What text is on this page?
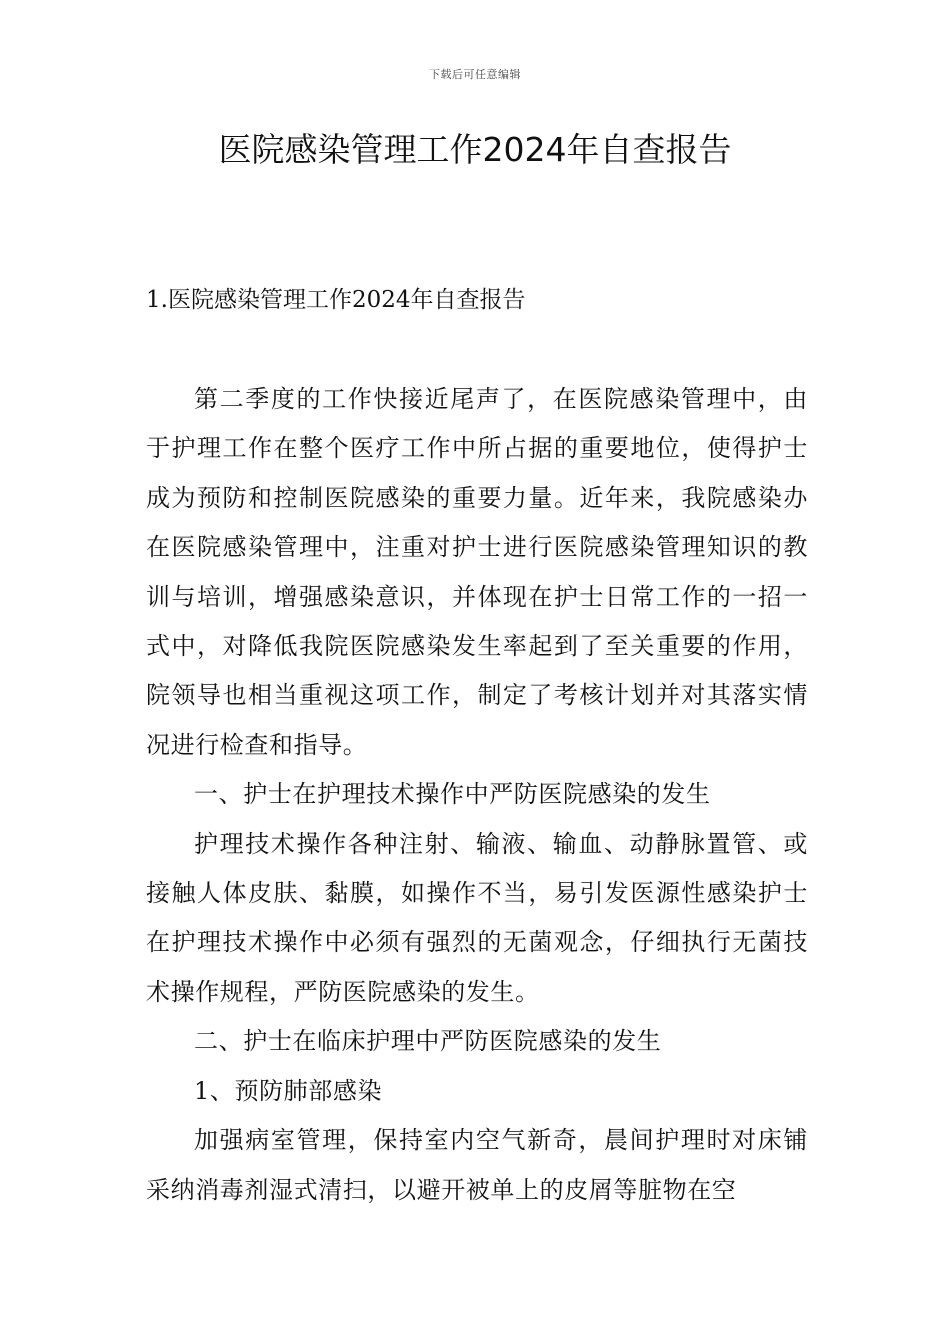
下载后可任意编辑
医院感染管理工作2024年自查报告
1.医院感染管理工作2024年自查报告

第二季度的工作快接近尾声了，在医院感染管理中，由于护理工作在整个医疗工作中所占据的重要地位，使得护士成为预防和控制医院感染的重要力量。近年来，我院感染办在医院感染管理中，注重对护士进行医院感染管理知识的教训与培训，增强感染意识，并体现在护士日常工作的一招一式中，对降低我院医院感染发生率起到了至关重要的作用，院领导也相当重视这项工作，制定了考核计划并对其落实情况进行检查和指导。

一、护士在护理技术操作中严防医院感染的发生

护理技术操作各种注射、输液、输血、动静脉置管、或接触人体皮肤、黏膜，如操作不当，易引发医源性感染护士在护理技术操作中必须有强烈的无菌观念，仔细执行无菌技术操作规程，严防医院感染的发生。

二、护士在临床护理中严防医院感染的发生

1、预防肺部感染

加强病室管理，保持室内空气新奇，晨间护理时对床铺采纳消毒剂湿式清扫，以避开被单上的皮屑等脏物在空
